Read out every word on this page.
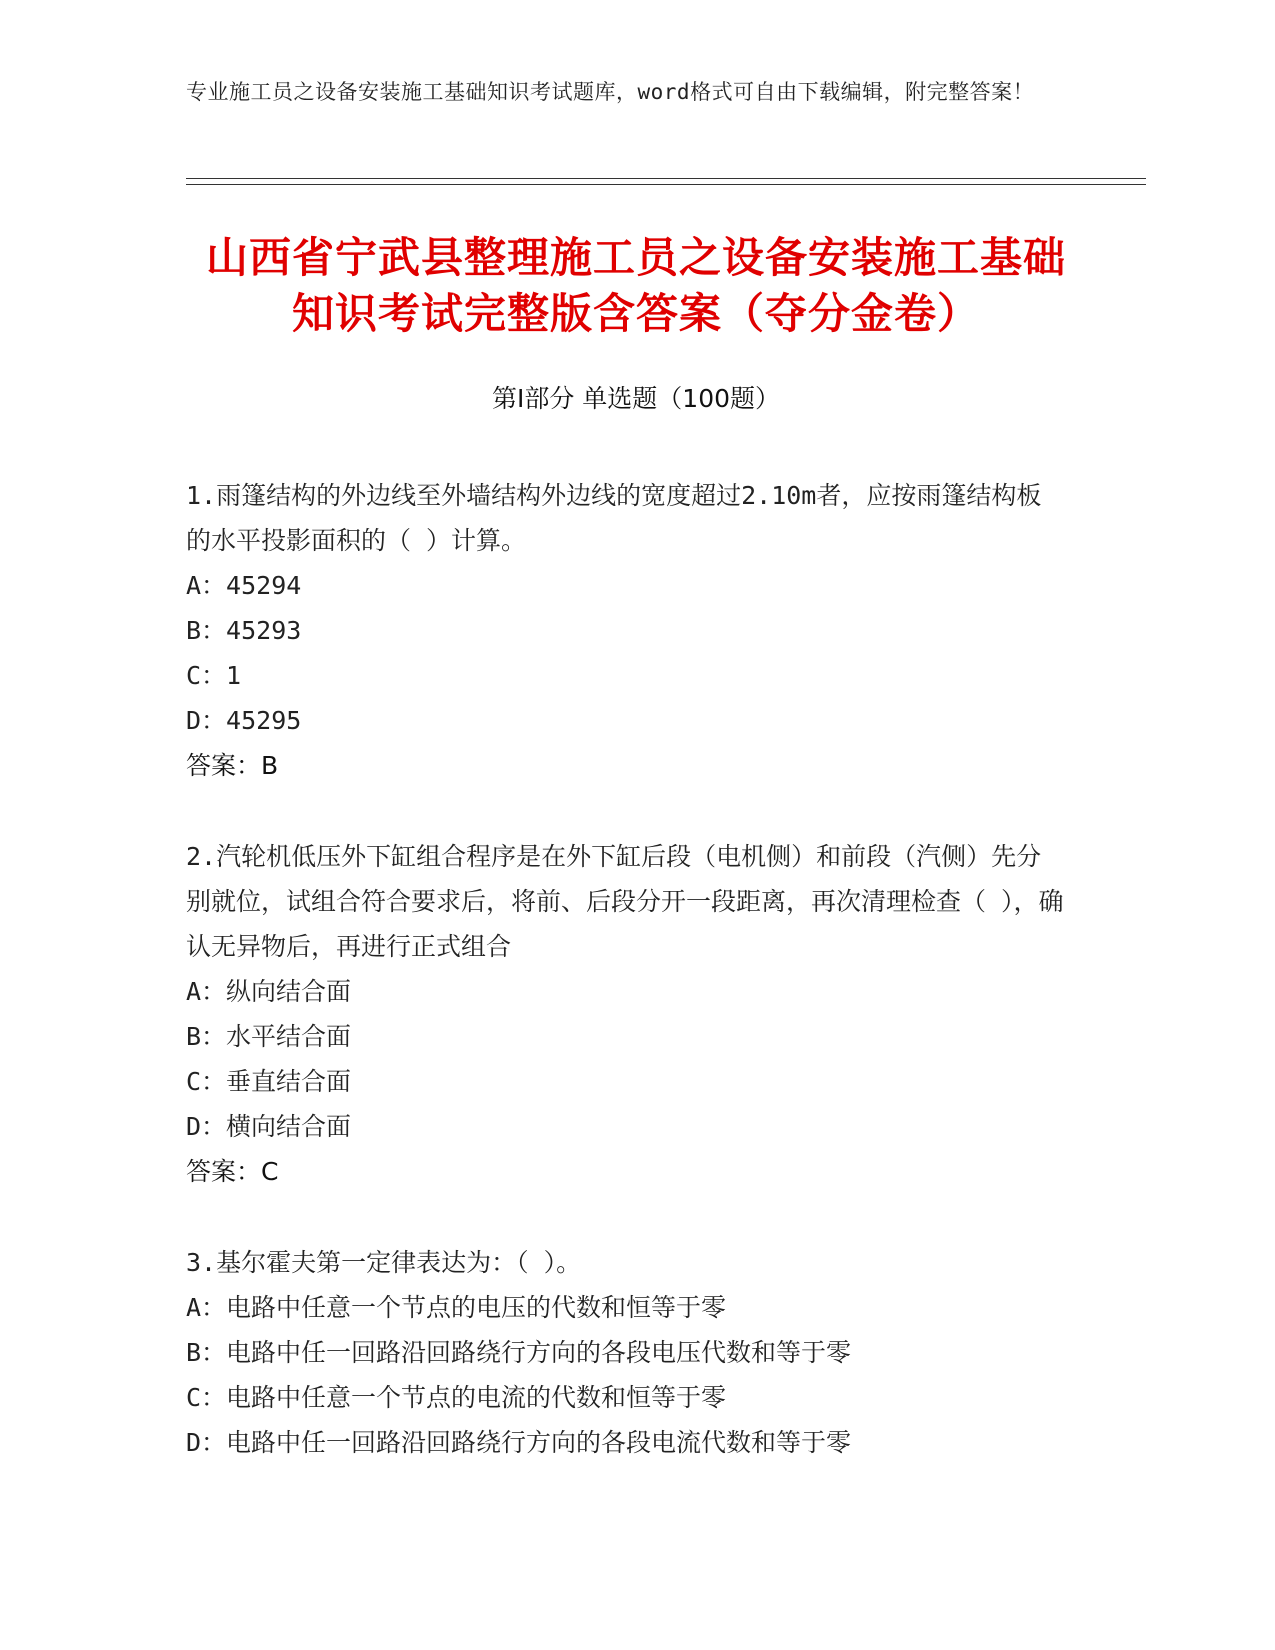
专业施工员之设备安装施工基础知识考试题库，word格式可自由下载编辑，附完整答案！
山西省宁武县整理施工员之设备安装施工基础知识考试完整版含答案（夺分金卷）
第Ⅰ部分 单选题（100题）

1.雨篷结构的外边线至外墙结构外边线的宽度超过2.10m者，应按雨篷结构板的水平投影面积的（ ）计算。

A：45294

B：45293

C：1

D：45295

答案：B

2.汽轮机低压外下缸组合程序是在外下缸后段（电机侧）和前段（汽侧）先分别就位，试组合符合要求后，将前、后段分开一段距离，再次清理检查（ ），确认无异物后，再进行正式组合

A：纵向结合面

B：水平结合面

C：垂直结合面

D：横向结合面

答案：C

3.基尔霍夫第一定律表达为：（ ）。

A：电路中任意一个节点的电压的代数和恒等于零

B：电路中任一回路沿回路绕行方向的各段电压代数和等于零

C：电路中任意一个节点的电流的代数和恒等于零

D：电路中任一回路沿回路绕行方向的各段电流代数和等于零
